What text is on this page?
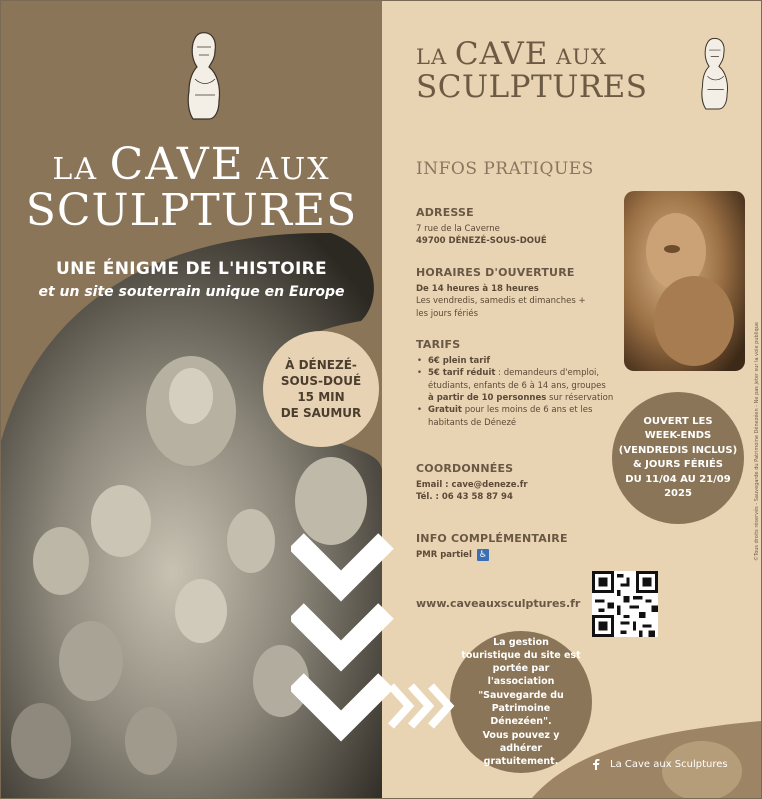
LA CAVE AUX
SCULPTURES
UNE ÉNIGME DE L'HISTOIRE
et un site souterrain unique en Europe
À DÉNEZÉ-
SOUS-DOUÉ
15 MIN
DE SAUMUR
LA CAVE AUX
SCULPTURES
INFOS PRATIQUES
ADRESSE
7 rue de la Caverne
49700 DÉNEZÉ-SOUS-DOUÉ
HORAIRES D'OUVERTURE
De 14 heures à 18 heures
Les vendredis, samedis et dimanches +
les jours fériés
TARIFS
• 6€ plein tarif
• 5€ tarif réduit : demandeurs d'emploi,
étudiants, enfants de 6 à 14 ans, groupes
à partir de 10 personnes sur réservation
• Gratuit pour les moins de 6 ans et les
habitants de Dénezé
COORDONNÉES
Email : cave@deneze.fr
Tél. : 06 43 58 87 94
INFO COMPLÉMENTAIRE
PMR partiel ♿
OUVERT LES
WEEK-ENDS
(VENDREDIS INCLUS)
& JOURS FÉRIÉS
DU 11/04 AU 21/09
2025
www.caveauxsculptures.fr
La gestion
touristique du site est
portée par l'association
"Sauvegarde du
Patrimoine Dénezéen".
Vous pouvez y adhérer
gratuitement.	La Cave aux Sculptures
©Tous droits réservés - Sauvegarde du Patrimoine Dénezéen - Ne pas jeter sur la voie publique
